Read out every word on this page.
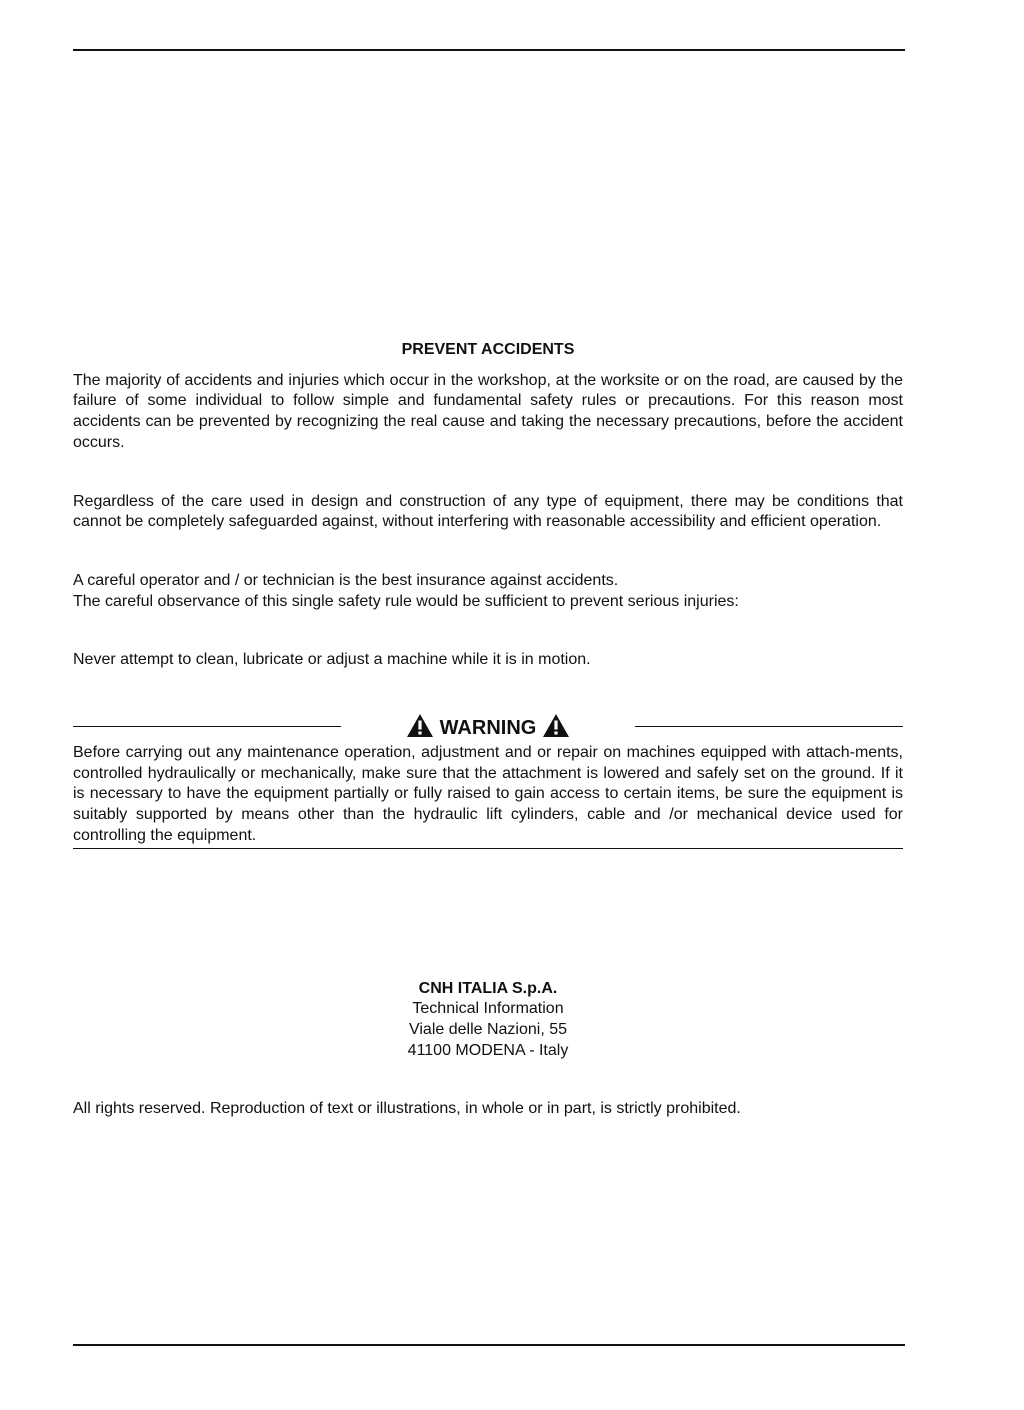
PREVENT ACCIDENTS

The majority of accidents and injuries which occur in the workshop, at the worksite or on the road, are caused by the failure of some individual to follow simple and fundamental safety rules or precautions. For this reason most accidents can be prevented by recognizing the real cause and taking the necessary precautions, before the accident occurs.

Regardless of the care used in design and construction of any type of equipment, there may be conditions that cannot be completely safeguarded against, without interfering with reasonable accessibility and efficient operation.

A careful operator and / or technician is the best insurance against accidents.

The careful observance of this single safety rule would be sufficient to prevent serious injuries:

Never attempt to clean, lubricate or adjust a machine while it is in motion.

WARNING

Before carrying out any maintenance operation, adjustment and or repair on machines equipped with attach-ments, controlled hydraulically or mechanically, make sure that the attachment is lowered and safely set on the ground. If it is necessary to have the equipment partially or fully raised to gain access to certain items, be sure the equipment is suitably supported by means other than the hydraulic lift cylinders, cable and /or mechanical device used for controlling the equipment.

CNH ITALIA S.p.A.
Technical Information
Viale delle Nazioni, 55
41100 MODENA - Italy

All rights reserved. Reproduction of text or illustrations, in whole or in part, is strictly prohibited.
